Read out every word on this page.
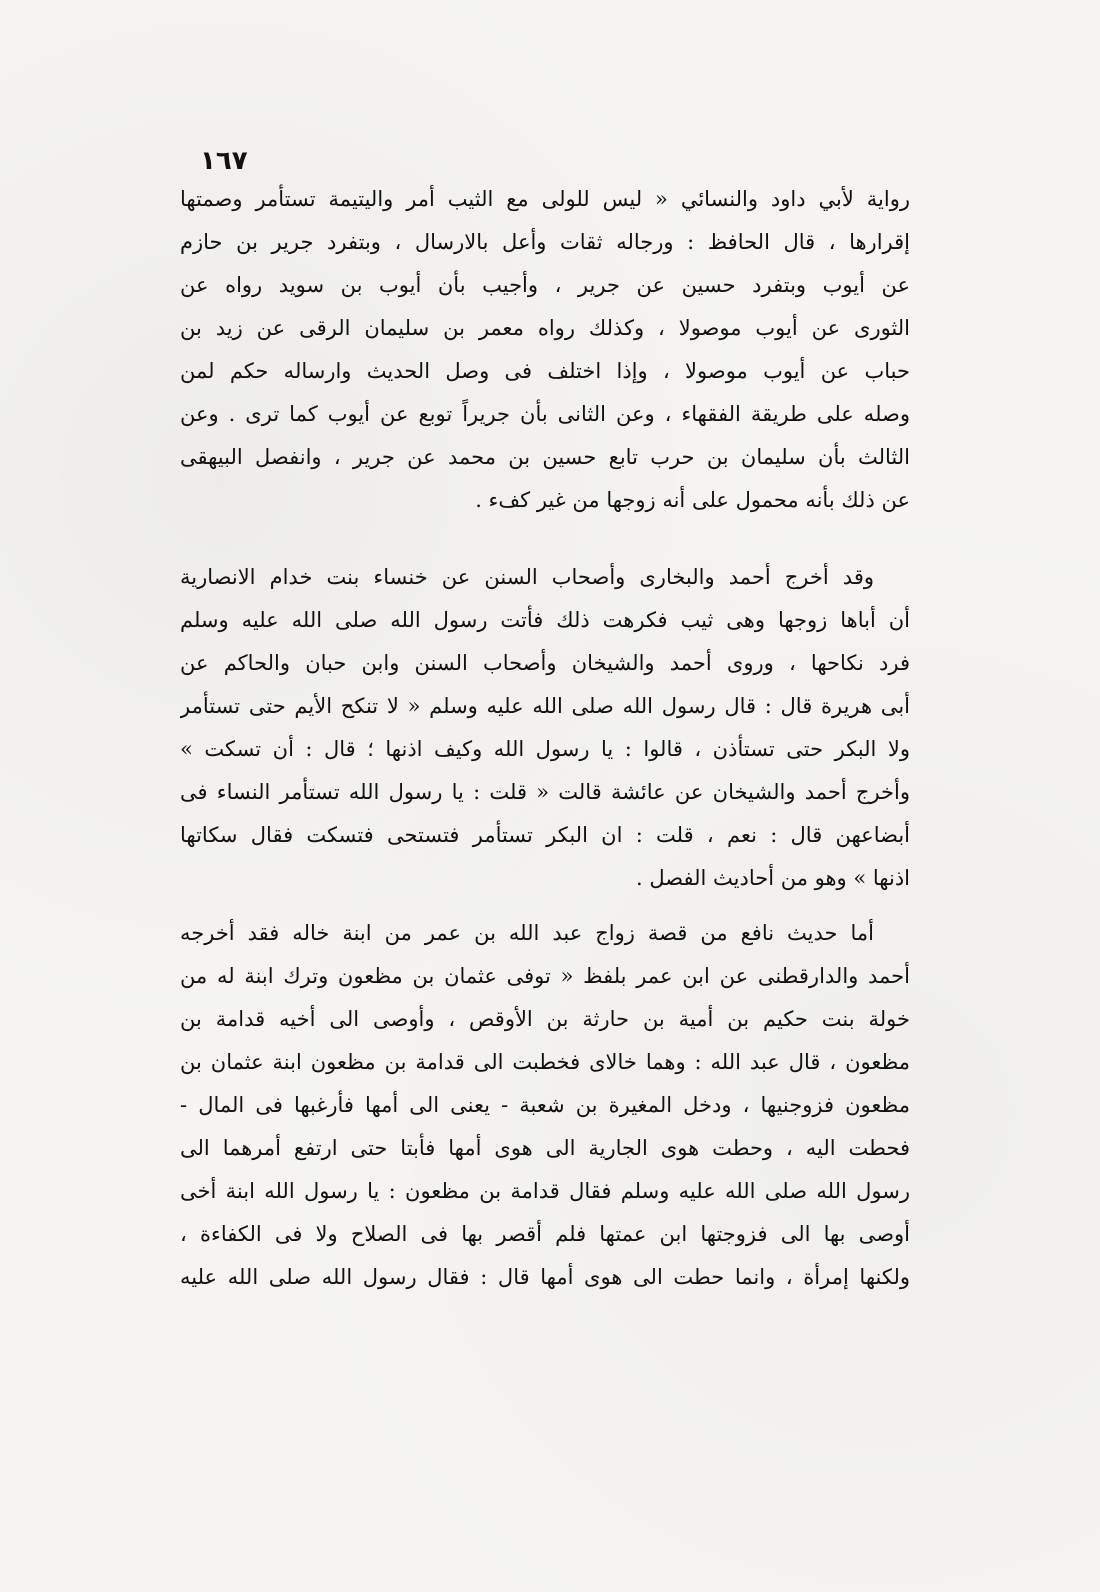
١٦٧
رواية لأبي داود والنسائي « ليس للولى مع الثيب أمر واليتيمة تستأمر وصمتها
إقرارها ، قال الحافظ : ورجاله ثقات وأعل بالارسال ، وبتفرد جرير بن حازم
عن أيوب وبتفرد حسين عن جرير ، وأجيب بأن أيوب بن سويد رواه عن
الثورى عن أيوب موصولا ، وكذلك رواه معمر بن سليمان الرقى عن زيد بن
حباب عن أيوب موصولا ، وإذا اختلف فى وصل الحديث وارساله حكم لمن
وصله على طريقة الفقهاء ، وعن الثانى بأن جريراً توبع عن أيوب كما ترى . وعن
الثالث بأن سليمان بن حرب تابع حسين بن محمد عن جرير ، وانفصل البيهقى
عن ذلك بأنه محمول على أنه زوجها من غير كفء .
وقد أخرج أحمد والبخارى وأصحاب السنن عن خنساء بنت خدام الانصارية
أن أباها زوجها وهى ثيب فكرهت ذلك فأتت رسول الله صلى الله عليه وسلم
فرد نكاحها ، وروى أحمد والشيخان وأصحاب السنن وابن حبان والحاكم عن
أبى هريرة قال : قال رسول الله صلى الله عليه وسلم « لا تنكح الأيم حتى تستأمر
ولا البكر حتى تستأذن ، قالوا : يا رسول الله وكيف اذنها ؛ قال : أن تسكت »
وأخرج أحمد والشيخان عن عائشة قالت « قلت : يا رسول الله تستأمر النساء فى
أبضاعهن قال : نعم ، قلت : ان البكر تستأمر فتستحى فتسكت فقال سكاتها
اذنها » وهو من أحاديث الفصل .
أما حديث نافع من قصة زواج عبد الله بن عمر من ابنة خاله فقد أخرجه
أحمد والدارقطنى عن ابن عمر بلفظ « توفى عثمان بن مظعون وترك ابنة له من
خولة بنت حكيم بن أمية بن حارثة بن الأوقص ، وأوصى الى أخيه قدامة بن
مظعون ، قال عبد الله : وهما خالاى فخطبت الى قدامة بن مظعون ابنة عثمان بن
مظعون فزوجنيها ، ودخل المغيرة بن شعبة - يعنى الى أمها فأرغبها فى المال -
فحطت اليه ، وحطت هوى الجارية الى هوى أمها فأبتا حتى ارتفع أمرهما الى
رسول الله صلى الله عليه وسلم فقال قدامة بن مظعون : يا رسول الله ابنة أخى
أوصى بها الى فزوجتها ابن عمتها فلم أقصر بها فى الصلاح ولا فى الكفاءة ،
ولكنها إمرأة ، وانما حطت الى هوى أمها قال : فقال رسول الله صلى الله عليه
